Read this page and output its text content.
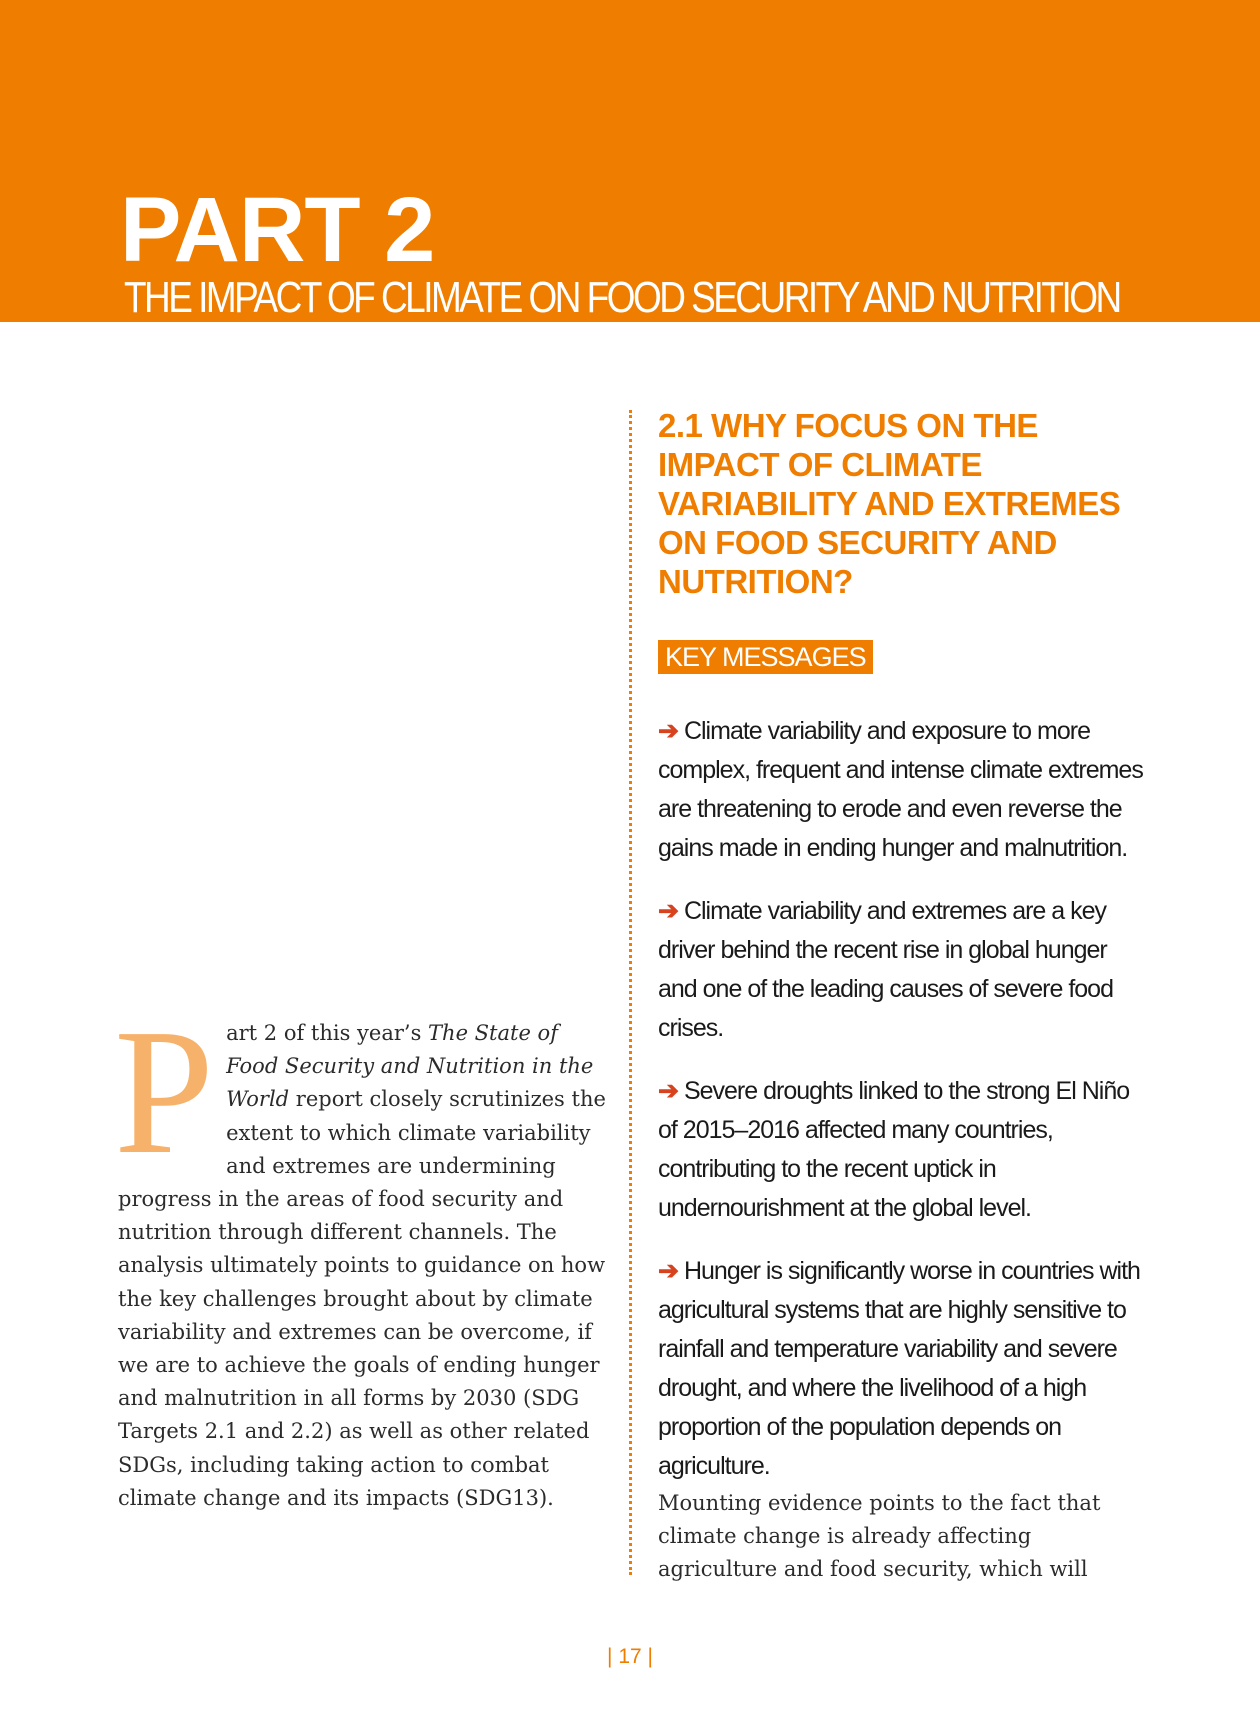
PART 2
THE IMPACT OF CLIMATE ON FOOD SECURITY AND NUTRITION
P art 2 of this year’s The State of Food Security and Nutrition in the World report closely scrutinizes the extent to which climate variability and extremes are undermining progress in the areas of food security and nutrition through different channels. The analysis ultimately points to guidance on how the key challenges brought about by climate variability and extremes can be overcome, if we are to achieve the goals of ending hunger and malnutrition in all forms by 2030 (SDG Targets 2.1 and 2.2) as well as other related SDGs, including taking action to combat climate change and its impacts (SDG13).

2.1 WHY FOCUS ON THE IMPACT OF CLIMATE VARIABILITY AND EXTREMES ON FOOD SECURITY AND NUTRITION?
KEY MESSAGES

➔ Climate variability and exposure to more complex, frequent and intense climate extremes are threatening to erode and even reverse the gains made in ending hunger and malnutrition.

➔ Climate variability and extremes are a key driver behind the recent rise in global hunger and one of the leading causes of severe food crises.

➔ Severe droughts linked to the strong El Niño of 2015–2016 affected many countries, contributing to the recent uptick in undernourishment at the global level.

➔ Hunger is significantly worse in countries with agricultural systems that are highly sensitive to rainfall and temperature variability and severe drought, and where the livelihood of a high proportion of the population depends on agriculture.

Mounting evidence points to the fact that climate change is already affecting agriculture and food security, which will

| 17 |
